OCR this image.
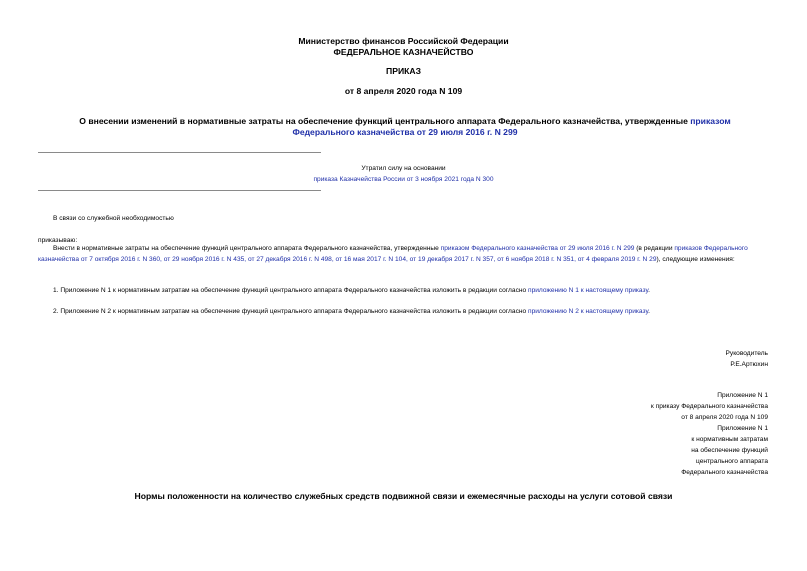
Министерство финансов Российской Федерации
ФЕДЕРАЛЬНОЕ КАЗНАЧЕЙСТВО
ПРИКАЗ
от 8 апреля 2020 года N 109
О внесении изменений в нормативные затраты на обеспечение функций центрального аппарата Федерального казначейства, утвержденные приказом Федерального казначейства от 29 июля 2016 г. N 299
Утратил силу на основании
приказа Казначейства России от 3 ноября 2021 года N 300
В связи со служебной необходимостью
приказываю:
Внести в нормативные затраты на обеспечение функций центрального аппарата Федерального казначейства, утвержденные приказом Федерального казначейства от 29 июля 2016 г. N 299 (в редакции приказов Федерального казначейства от 7 октября 2016 г. N 360, от 29 ноября 2016 г. N 435, от 27 декабря 2016 г. N 498, от 16 мая 2017 г. N 104, от 19 декабря 2017 г. N 357, от 6 ноября 2018 г. N 351, от 4 февраля 2019 г. N 29), следующие изменения:
1. Приложение N 1 к нормативным затратам на обеспечение функций центрального аппарата Федерального казначейства изложить в редакции согласно приложению N 1 к настоящему приказу.
2. Приложение N 2 к нормативным затратам на обеспечение функций центрального аппарата Федерального казначейства изложить в редакции согласно приложению N 2 к настоящему приказу.
Руководитель
Р.Е.Артюхин
Приложение N 1
к приказу Федерального казначейства
от 8 апреля 2020 года N 109
Приложение N 1
к нормативным затратам
на обеспечение функций
центрального аппарата
Федерального казначейства
Нормы положенности на количество служебных средств подвижной связи и ежемесячные расходы на услуги сотовой связи
